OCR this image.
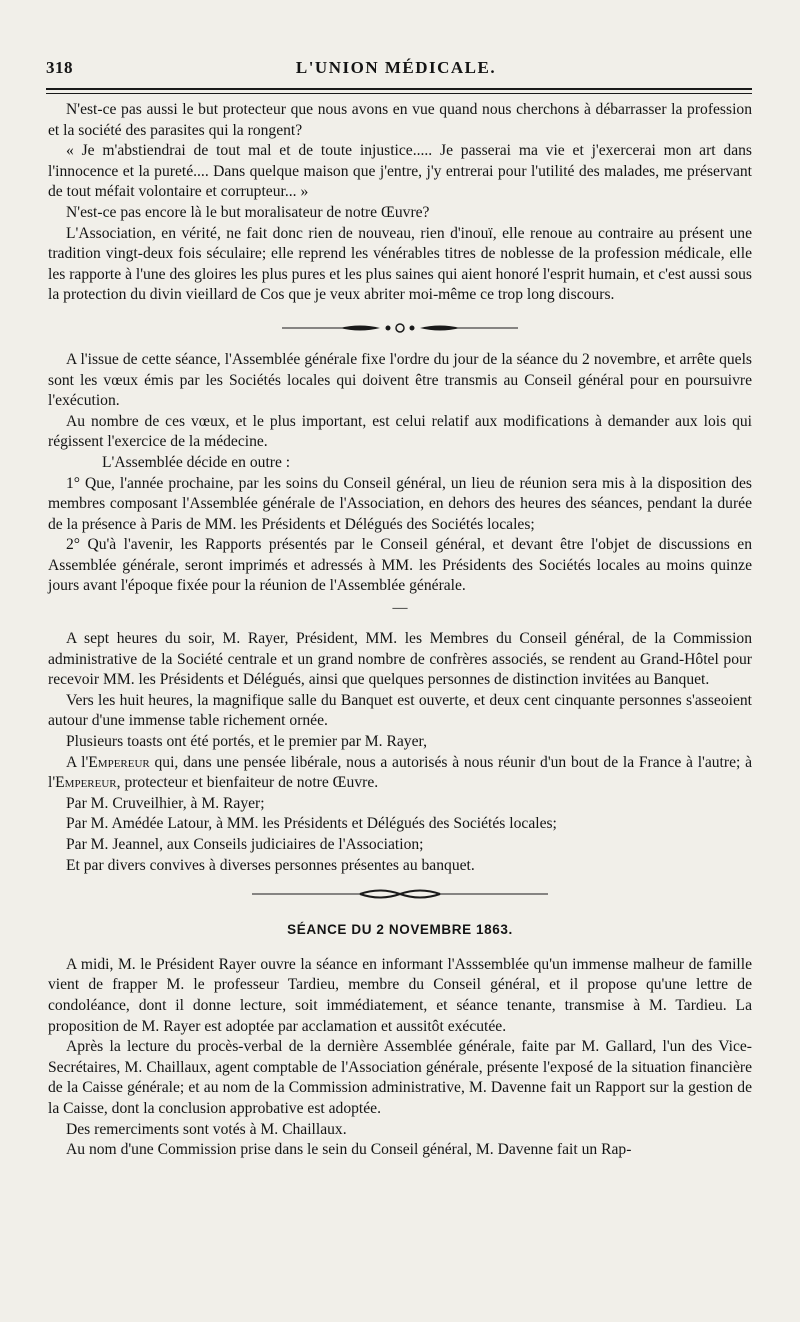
318	L'UNION MÉDICALE.

N'est-ce pas aussi le but protecteur que nous avons en vue quand nous cherchons à débarrasser la profession et la société des parasites qui la rongent?

« Je m'abstiendrai de tout mal et de toute injustice..... Je passerai ma vie et j'exercerai mon art dans l'innocence et la pureté.... Dans quelque maison que j'entre, j'y entrerai pour l'utilité des malades, me préservant de tout méfait volontaire et corrupteur... »

N'est-ce pas encore là le but moralisateur de notre Œuvre?

L'Association, en vérité, ne fait donc rien de nouveau, rien d'inouï, elle renoue au contraire au présent une tradition vingt-deux fois séculaire; elle reprend les vénérables titres de noblesse de la profession médicale, elle les rapporte à l'une des gloires les plus pures et les plus saines qui aient honoré l'esprit humain, et c'est aussi sous la protection du divin vieillard de Cos que je veux abriter moi-même ce trop long discours.

A l'issue de cette séance, l'Assemblée générale fixe l'ordre du jour de la séance du 2 novembre, et arrête quels sont les vœux émis par les Sociétés locales qui doivent être transmis au Conseil général pour en poursuivre l'exécution.

Au nombre de ces vœux, et le plus important, est celui relatif aux modifications à demander aux lois qui régissent l'exercice de la médecine.

L'Assemblée décide en outre :

1° Que, l'année prochaine, par les soins du Conseil général, un lieu de réunion sera mis à la disposition des membres composant l'Assemblée générale de l'Association, en dehors des heures des séances, pendant la durée de la présence à Paris de MM. les Présidents et Délégués des Sociétés locales;

2° Qu'à l'avenir, les Rapports présentés par le Conseil général, et devant être l'objet de discussions en Assemblée générale, seront imprimés et adressés à MM. les Présidents des Sociétés locales au moins quinze jours avant l'époque fixée pour la réunion de l'Assemblée générale.

—

A sept heures du soir, M. Rayer, Président, MM. les Membres du Conseil général, de la Commission administrative de la Société centrale et un grand nombre de confrères associés, se rendent au Grand-Hôtel pour recevoir MM. les Présidents et Délégués, ainsi que quelques personnes de distinction invitées au Banquet.

Vers les huit heures, la magnifique salle du Banquet est ouverte, et deux cent cinquante personnes s'asseoient autour d'une immense table richement ornée.

Plusieurs toasts ont été portés, et le premier par M. Rayer,

A l'Empereur qui, dans une pensée libérale, nous a autorisés à nous réunir d'un bout de la France à l'autre; à l'Empereur, protecteur et bienfaiteur de notre Œuvre.

Par M. Cruveilhier, à M. Rayer;

Par M. Amédée Latour, à MM. les Présidents et Délégués des Sociétés locales;

Par M. Jeannel, aux Conseils judiciaires de l'Association;

Et par divers convives à diverses personnes présentes au banquet.

SÉANCE DU 2 NOVEMBRE 1863.

A midi, M. le Président Rayer ouvre la séance en informant l'Asssemblée qu'un immense malheur de famille vient de frapper M. le professeur Tardieu, membre du Conseil général, et il propose qu'une lettre de condoléance, dont il donne lecture, soit immédiatement, et séance tenante, transmise à M. Tardieu. La proposition de M. Rayer est adoptée par acclamation et aussitôt exécutée.

Après la lecture du procès-verbal de la dernière Assemblée générale, faite par M. Gallard, l'un des Vice-Secrétaires, M. Chaillaux, agent comptable de l'Association générale, présente l'exposé de la situation financière de la Caisse générale; et au nom de la Commission administrative, M. Davenne fait un Rapport sur la gestion de la Caisse, dont la conclusion approbative est adoptée.

Des remerciments sont votés à M. Chaillaux.

Au nom d'une Commission prise dans le sein du Conseil général, M. Davenne fait un Rap-
